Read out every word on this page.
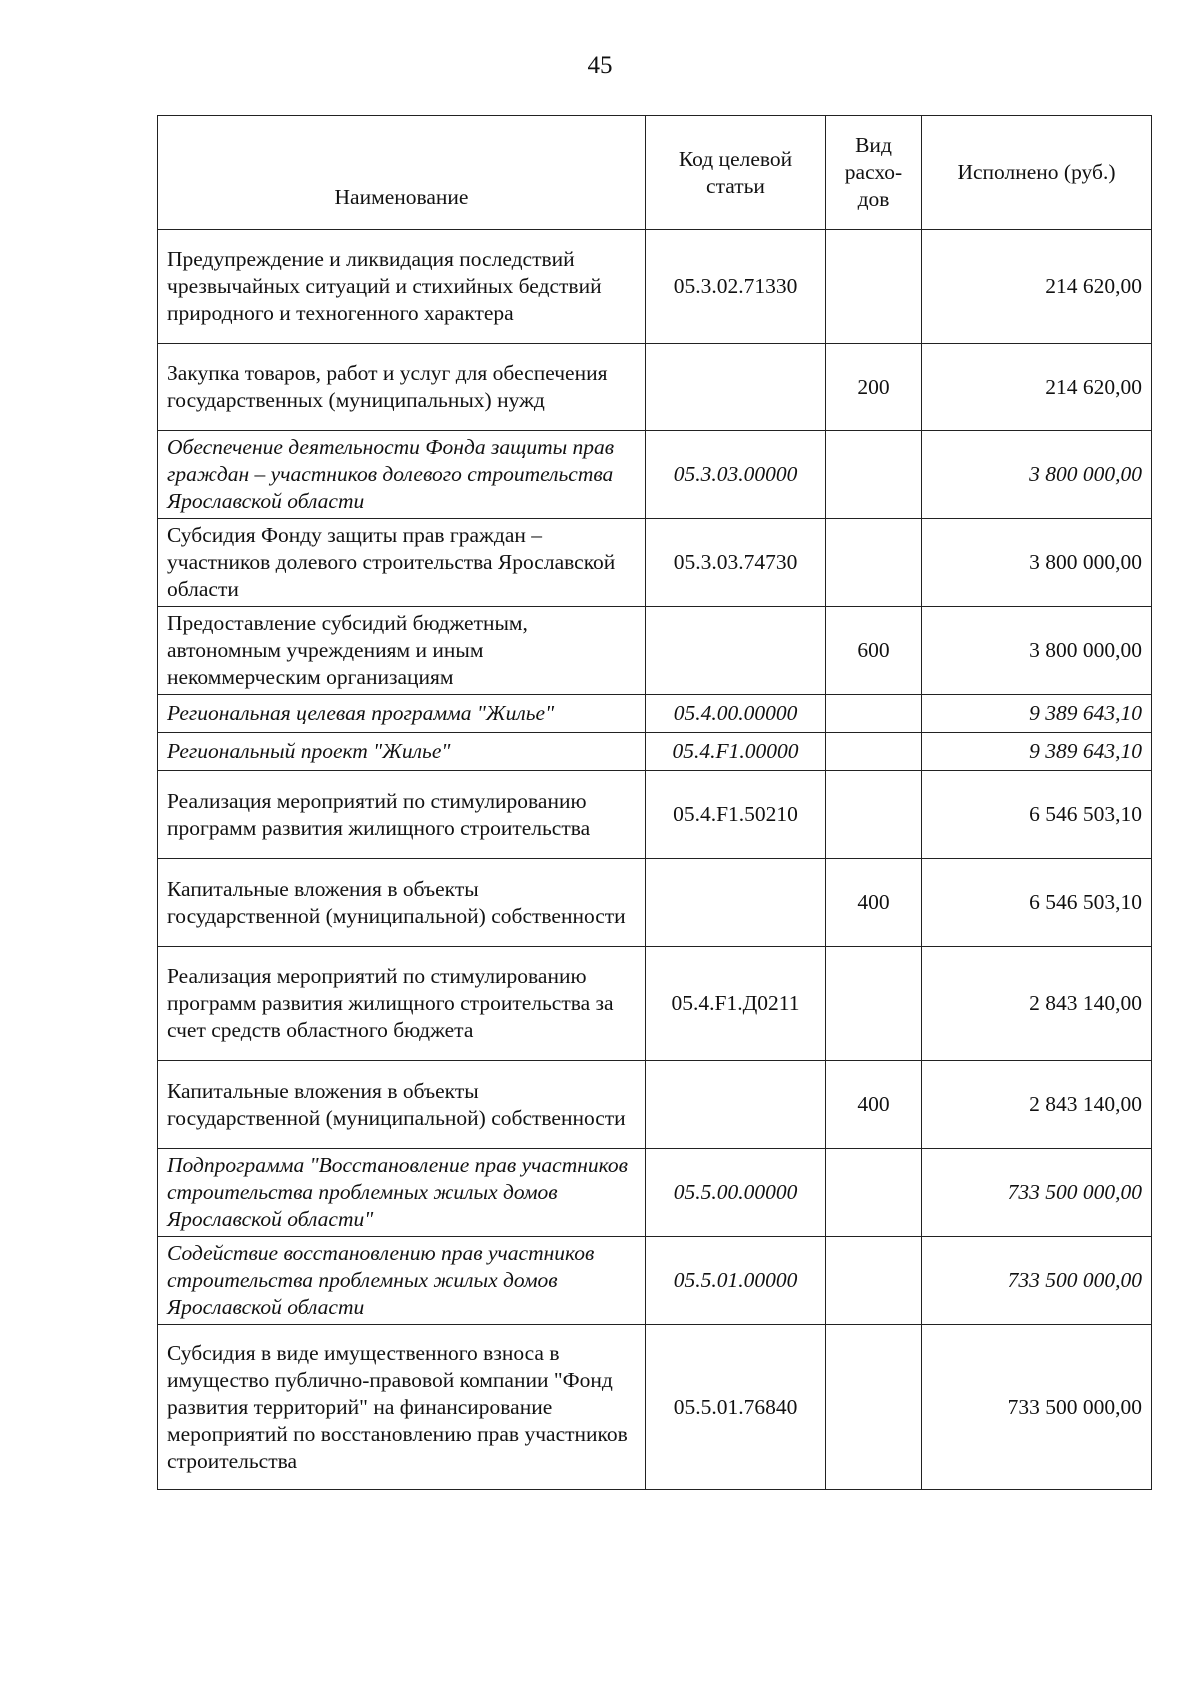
45
Наименование	Код целевой статьи	Вид расхо- дов	Исполнено (руб.)
Предупреждение и ликвидация последствий чрезвычайных ситуаций и стихийных бедствий природного и техногенного характера	05.3.02.71330		214 620,00
Закупка товаров, работ и услуг для обеспечения государственных (муниципальных) нужд		200	214 620,00
Обеспечение деятельности Фонда защиты прав граждан – участников долевого строительства Ярославской области	05.3.03.00000		3 800 000,00
Субсидия Фонду защиты прав граждан – участников долевого строительства Ярославской области	05.3.03.74730		3 800 000,00
Предоставление субсидий бюджетным, автономным учреждениям и иным некоммерческим организациям		600	3 800 000,00
Региональная целевая программа "Жилье"	05.4.00.00000		9 389 643,10
Региональный проект "Жилье"	05.4.F1.00000		9 389 643,10
Реализация мероприятий по стимулированию программ развития жилищного строительства	05.4.F1.50210		6 546 503,10
Капитальные вложения в объекты государственной (муниципальной) собственности		400	6 546 503,10
Реализация мероприятий по стимулированию программ развития жилищного строительства за счет средств областного бюджета	05.4.F1.Д0211		2 843 140,00
Капитальные вложения в объекты государственной (муниципальной) собственности		400	2 843 140,00
Подпрограмма "Восстановление прав участников строительства проблемных жилых домов Ярославской области"	05.5.00.00000		733 500 000,00
Содействие восстановлению прав участников строительства проблемных жилых домов Ярославской области	05.5.01.00000		733 500 000,00
Субсидия в виде имущественного взноса в имущество публично-правовой компании "Фонд развития территорий" на финансирование мероприятий по восстановлению прав участников строительства	05.5.01.76840		733 500 000,00
